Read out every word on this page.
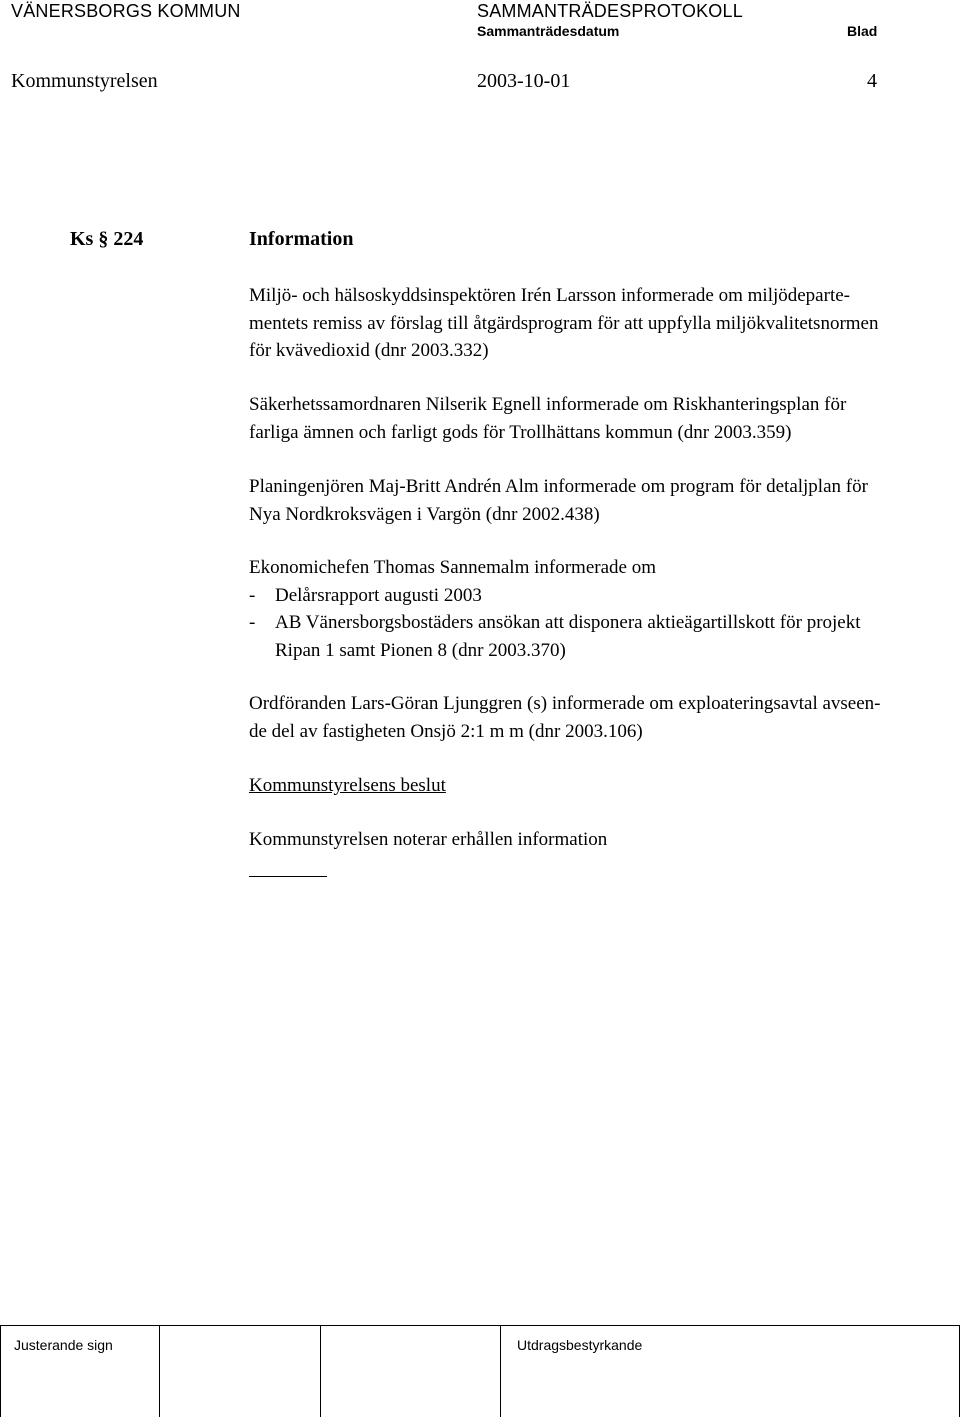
VÄNERSBORGS KOMMUN	SAMMANTRÄDESPROTOKOLL
Sammanträdesdatum	Blad
Kommunstyrelsen	2003-10-01	4
Ks § 224	Information
Miljö- och hälsoskyddsinspektören Irén Larsson informerade om miljödeparte-
mentets remiss av förslag till åtgärdsprogram för att uppfylla miljökvalitetsnormen
för kvävedioxid (dnr 2003.332)
Säkerhetssamordnaren Nilserik Egnell informerade om Riskhanteringsplan för
farliga ämnen och farligt gods för Trollhättans kommun (dnr 2003.359)
Planingenjören Maj-Britt Andrén Alm informerade om program för detaljplan för
Nya Nordkroksvägen i Vargön (dnr 2002.438)
Ekonomichefen Thomas Sannemalm informerade om
- Delårsrapport augusti 2003
- AB Vänersborgsbostäders ansökan att disponera aktieägartillskott för projekt
Ripan 1 samt Pionen 8 (dnr 2003.370)
Ordföranden Lars-Göran Ljunggren (s) informerade om exploateringsavtal avseen-
de del av fastigheten Onsjö 2:1 m m (dnr 2003.106)
Kommunstyrelsens beslut
Kommunstyrelsen noterar erhållen information
Justerande sign	Utdragsbestyrkande
